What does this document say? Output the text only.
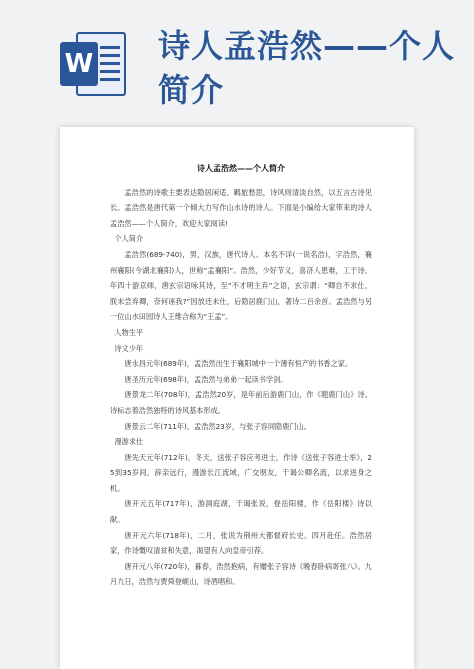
W 诗人孟浩然——个人简介
诗人孟浩然——个人简介

孟浩然的诗歌主要表达隐居闲适、羁旅愁思，诗风则清淡自然，以五言古诗见长。孟浩然是唐代第一个倾大力写作山水诗的诗人。下面是小编给大家带来的诗人孟浩然——个人简介，欢迎大家阅读!

个人简介

孟浩然(689-740)，男，汉族，唐代诗人。本名不详(一说名浩)，字浩然，襄州襄阳(今湖北襄阳)人，世称“孟襄阳”。浩然，少好节义，喜济人患难，工于诗。年四十游京师，唐玄宗诏咏其诗，至“不才明主弃”之语，玄宗谓：“卿自不求仕，朕未尝弃卿，奈何诬我?”因放还未仕，后隐居鹿门山，著诗二百余首。孟浩然与另一位山水田园诗人王维合称为“王孟”。

人物生平

诗文少年

唐永昌元年(689年)，孟浩然出生于襄阳城中一个薄有恒产的书香之家。

唐圣历元年(698年)，孟浩然与弟弟一起读书学剑。

唐景龙二年(708年)，孟浩然20岁，是年前后游鹿门山，作《题鹿门山》诗。诗标志着浩然独特的诗风基本形成。

唐景云二年(711年)，孟浩然23岁，与张子容同隐鹿门山。

漫游求仕

唐先天元年(712年)，冬天，送张子容应考进士，作诗《送张子容进士举》，25到35岁间，辞亲远行，漫游长江流域，广交朋友，干谒公卿名流，以求进身之机。

唐开元五年(717年)，游洞庭湖，干谒张说，登岳阳楼，作《岳阳楼》诗以献。

唐开元六年(718年)，二月，张说为荆州大都督府长史。四月赴任。浩然居家，作诗慨叹清贫和失意，渴望有人向皇帝引荐。

唐开元八年(720年)，暮春，浩然抱病，有赠张子容诗《晚春卧病寄张八》。九月九日，浩然与贾舜登岘山，诗酒唱和。
